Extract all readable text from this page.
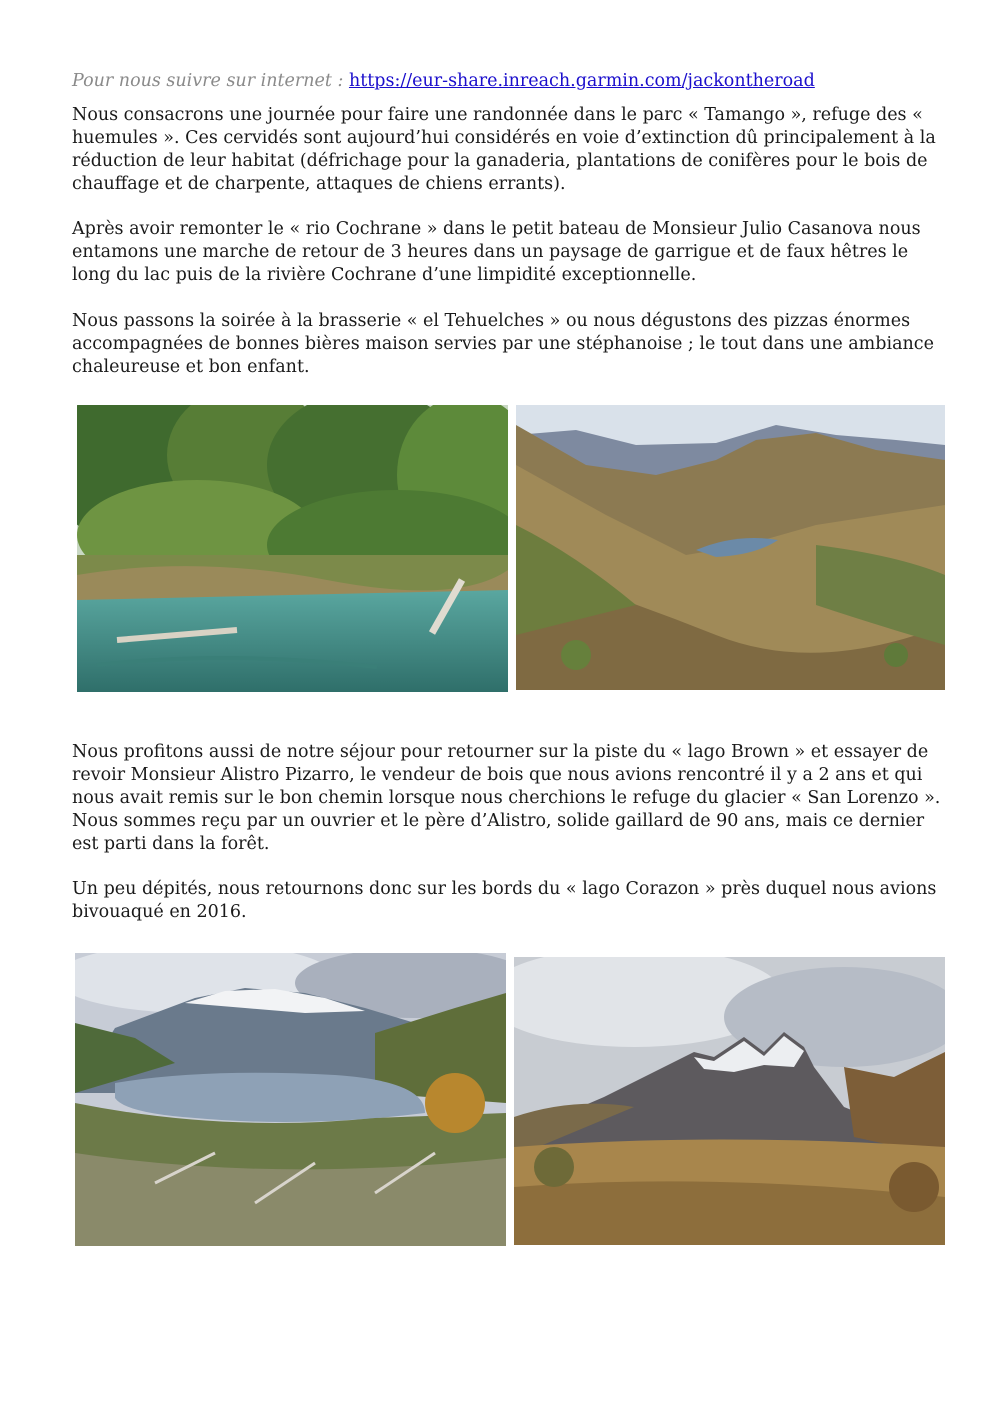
Pour nous suivre sur internet : https://eur-share.inreach.garmin.com/jackontheroad

Nous consacrons une journée pour faire une randonnée dans le parc « Tamango », refuge des « huemules ». Ces cervidés sont aujourd’hui considérés en voie d’extinction dû principalement à la réduction de leur habitat (défrichage pour la ganaderia, plantations de conifères pour le bois de chauffage et de charpente, attaques de chiens errants).

Après avoir remonter le « rio Cochrane » dans le petit bateau de Monsieur Julio Casanova nous entamons une marche de retour de 3 heures dans un paysage de garrigue et de faux hêtres le long du lac puis de la rivière Cochrane d’une limpidité exceptionnelle.

Nous passons la soirée à la brasserie « el Tehuelches » ou nous dégustons des pizzas énormes accompagnées de bonnes bières maison servies par une stéphanoise ; le tout dans une ambiance chaleureuse et bon enfant.

Nous profitons aussi de notre séjour pour retourner sur la piste du « lago Brown » et essayer de revoir Monsieur Alistro Pizarro, le vendeur de bois que nous avions rencontré il y a 2 ans et qui nous avait remis sur le bon chemin lorsque nous cherchions le refuge du glacier « San Lorenzo ». Nous sommes reçu par un ouvrier et le père d’Alistro, solide gaillard de 90 ans, mais ce dernier est parti dans la forêt.

Un peu dépités, nous retournons donc sur les bords du « lago Corazon » près duquel nous avions bivouaqué en 2016.
